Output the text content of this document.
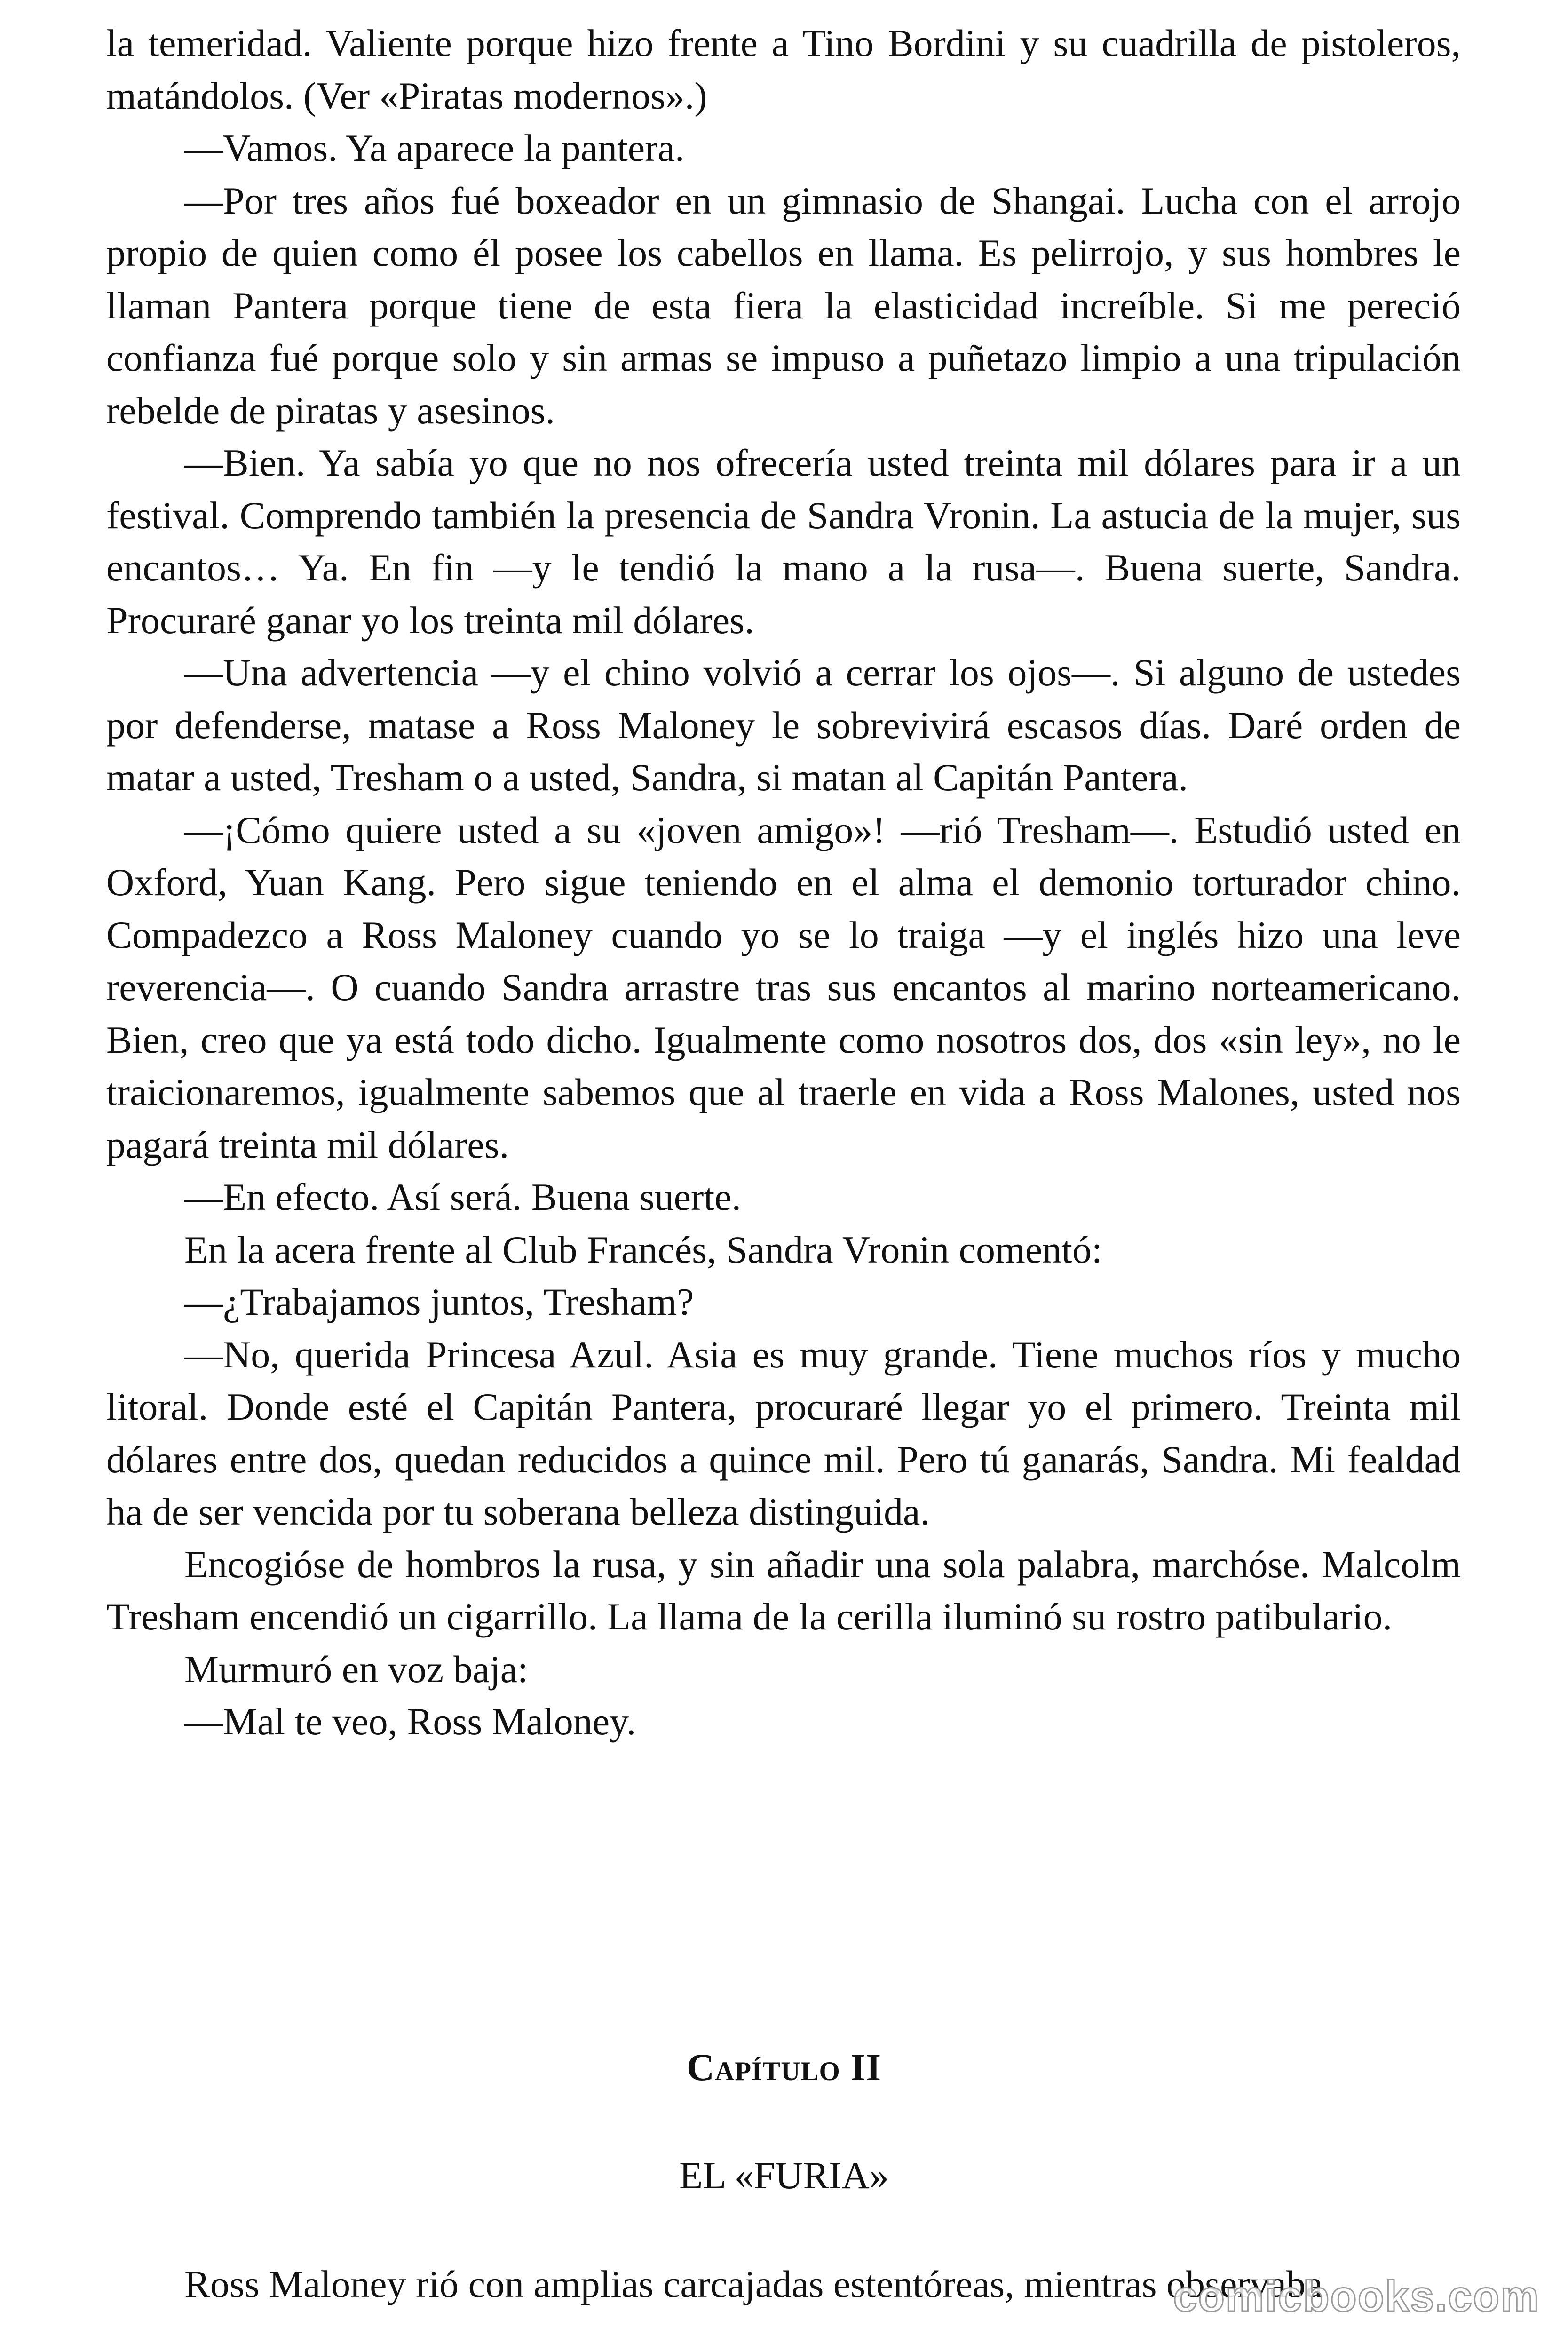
la temeridad. Valiente porque hizo frente a Tino Bordini y su cuadrilla de pistoleros, matándolos. (Ver «Piratas modernos».)

—Vamos. Ya aparece la pantera.

—Por tres años fué boxeador en un gimnasio de Shangai. Lucha con el arrojo propio de quien como él posee los cabellos en llama. Es pelirrojo, y sus hombres le llaman Pantera porque tiene de esta fiera la elasticidad increíble. Si me pereció confianza fué porque solo y sin armas se impuso a puñetazo limpio a una tripulación rebelde de piratas y asesinos.

—Bien. Ya sabía yo que no nos ofrecería usted treinta mil dólares para ir a un festival. Comprendo también la presencia de Sandra Vronin. La astucia de la mujer, sus encantos… Ya. En fin —y le tendió la mano a la rusa—. Buena suerte, Sandra. Procuraré ganar yo los treinta mil dólares.

—Una advertencia —y el chino volvió a cerrar los ojos—. Si alguno de ustedes por defenderse, matase a Ross Maloney le sobrevivirá escasos días. Daré orden de matar a usted, Tresham o a usted, Sandra, si matan al Capitán Pantera.

—¡Cómo quiere usted a su «joven amigo»! —rió Tresham—. Estudió usted en Oxford, Yuan Kang. Pero sigue teniendo en el alma el demonio torturador chino. Compadezco a Ross Maloney cuando yo se lo traiga —y el inglés hizo una leve reverencia—. O cuando Sandra arrastre tras sus encantos al marino norteamericano. Bien, creo que ya está todo dicho. Igualmente como nosotros dos, dos «sin ley», no le traicionaremos, igualmente sabemos que al traerle en vida a Ross Malones, usted nos pagará treinta mil dólares.

—En efecto. Así será. Buena suerte.

En la acera frente al Club Francés, Sandra Vronin comentó:

—¿Trabajamos juntos, Tresham?

—No, querida Princesa Azul. Asia es muy grande. Tiene muchos ríos y mucho litoral. Donde esté el Capitán Pantera, procuraré llegar yo el primero. Treinta mil dólares entre dos, quedan reducidos a quince mil. Pero tú ganarás, Sandra. Mi fealdad ha de ser vencida por tu soberana belleza distinguida.

Encogióse de hombros la rusa, y sin añadir una sola palabra, marchóse. Malcolm Tresham encendió un cigarrillo. La llama de la cerilla iluminó su rostro patibulario.

Murmuró en voz baja:

—Mal te veo, Ross Maloney.

Capítulo II
EL «FURIA»

Ross Maloney rió con amplias carcajadas estentóreas, mientras observaba

comicbooks.com
